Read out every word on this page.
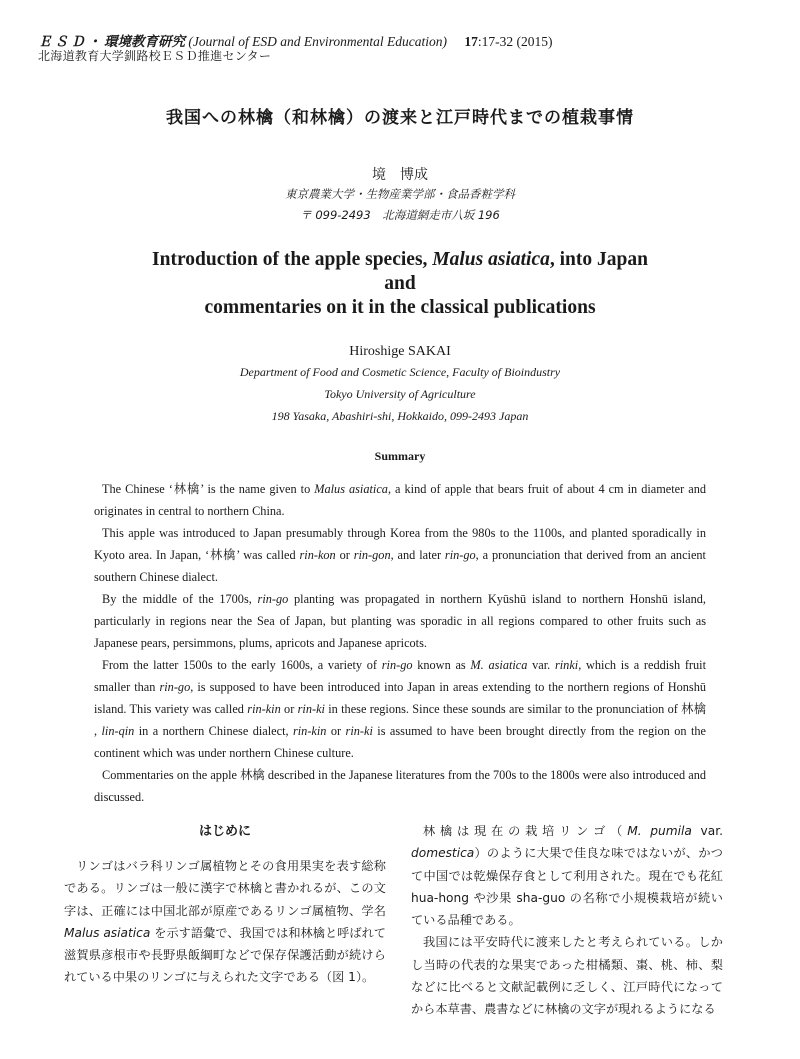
ＥＳＤ・環境教育研究 (Journal of ESD and Environmental Education) 17:17-32 (2015)
北海道教育大学釧路校ＥＳＤ推進センター
我国への林檎（和林檎）の渡来と江戸時代までの植栽事情
境　博成
東京農業大学・生物産業学部・食品香粧学科
〒 099-2493　北海道網走市八坂 196
Introduction of the apple species, Malus asiatica, into Japan
and
commentaries on it in the classical publications
Hiroshige SAKAI
Department of Food and Cosmetic Science, Faculty of Bioindustry
Tokyo University of Agriculture
198 Yasaka, Abashiri-shi, Hokkaido, 099-2493 Japan
Summary

The Chinese ‘林檎’ is the name given to Malus asiatica, a kind of apple that bears fruit of about 4 cm in diameter and originates in central to northern China.

This apple was introduced to Japan presumably through Korea from the 980s to the 1100s, and planted sporadically in Kyoto area. In Japan, ‘林檎’ was called rin-kon or rin-gon, and later rin-go, a pronunciation that derived from an ancient southern Chinese dialect.

By the middle of the 1700s, rin-go planting was propagated in northern Kyūshū island to northern Honshū island, particularly in regions near the Sea of Japan, but planting was sporadic in all regions compared to other fruits such as Japanese pears, persimmons, plums, apricots and Japanese apricots.

From the latter 1500s to the early 1600s, a variety of rin-go known as M. asiatica var. rinki, which is a reddish fruit smaller than rin-go, is supposed to have been introduced into Japan in areas extending to the northern regions of Honshū island. This variety was called rin-kin or rin-ki in these regions. Since these sounds are similar to the pronunciation of 林檎 , lin-qin in a northern Chinese dialect, rin-kin or rin-ki is assumed to have been brought directly from the region on the continent which was under northern Chinese culture.

Commentaries on the apple 林檎 described in the Japanese literatures from the 700s to the 1800s were also introduced and discussed.

はじめに

リンゴはバラ科リンゴ属植物とその食用果実を表す総称である。リンゴは一般に漢字で林檎と書かれるが、この文字は、正確には中国北部が原産であるリンゴ属植物、学名 Malus asiatica を示す語彙で、我国では和林檎と呼ばれて滋賀県彦根市や長野県飯綱町などで保存保護活動が続けられている中果のリンゴに与えられた文字である（図 1）。

林檎は現在の栽培リンゴ（M. pumila var. domestica）のように大果で佳良な味ではないが、かつて中国では乾燥保存食として利用された。現在でも花紅 hua-hong や沙果 sha-guo の名称で小規模栽培が続いている品種である。

我国には平安時代に渡来したと考えられている。しかし当時の代表的な果実であった柑橘類、棗、桃、柿、梨などに比べると文献記載例に乏しく、江戸時代になってから本草書、農書などに林檎の文字が現れるようになる
